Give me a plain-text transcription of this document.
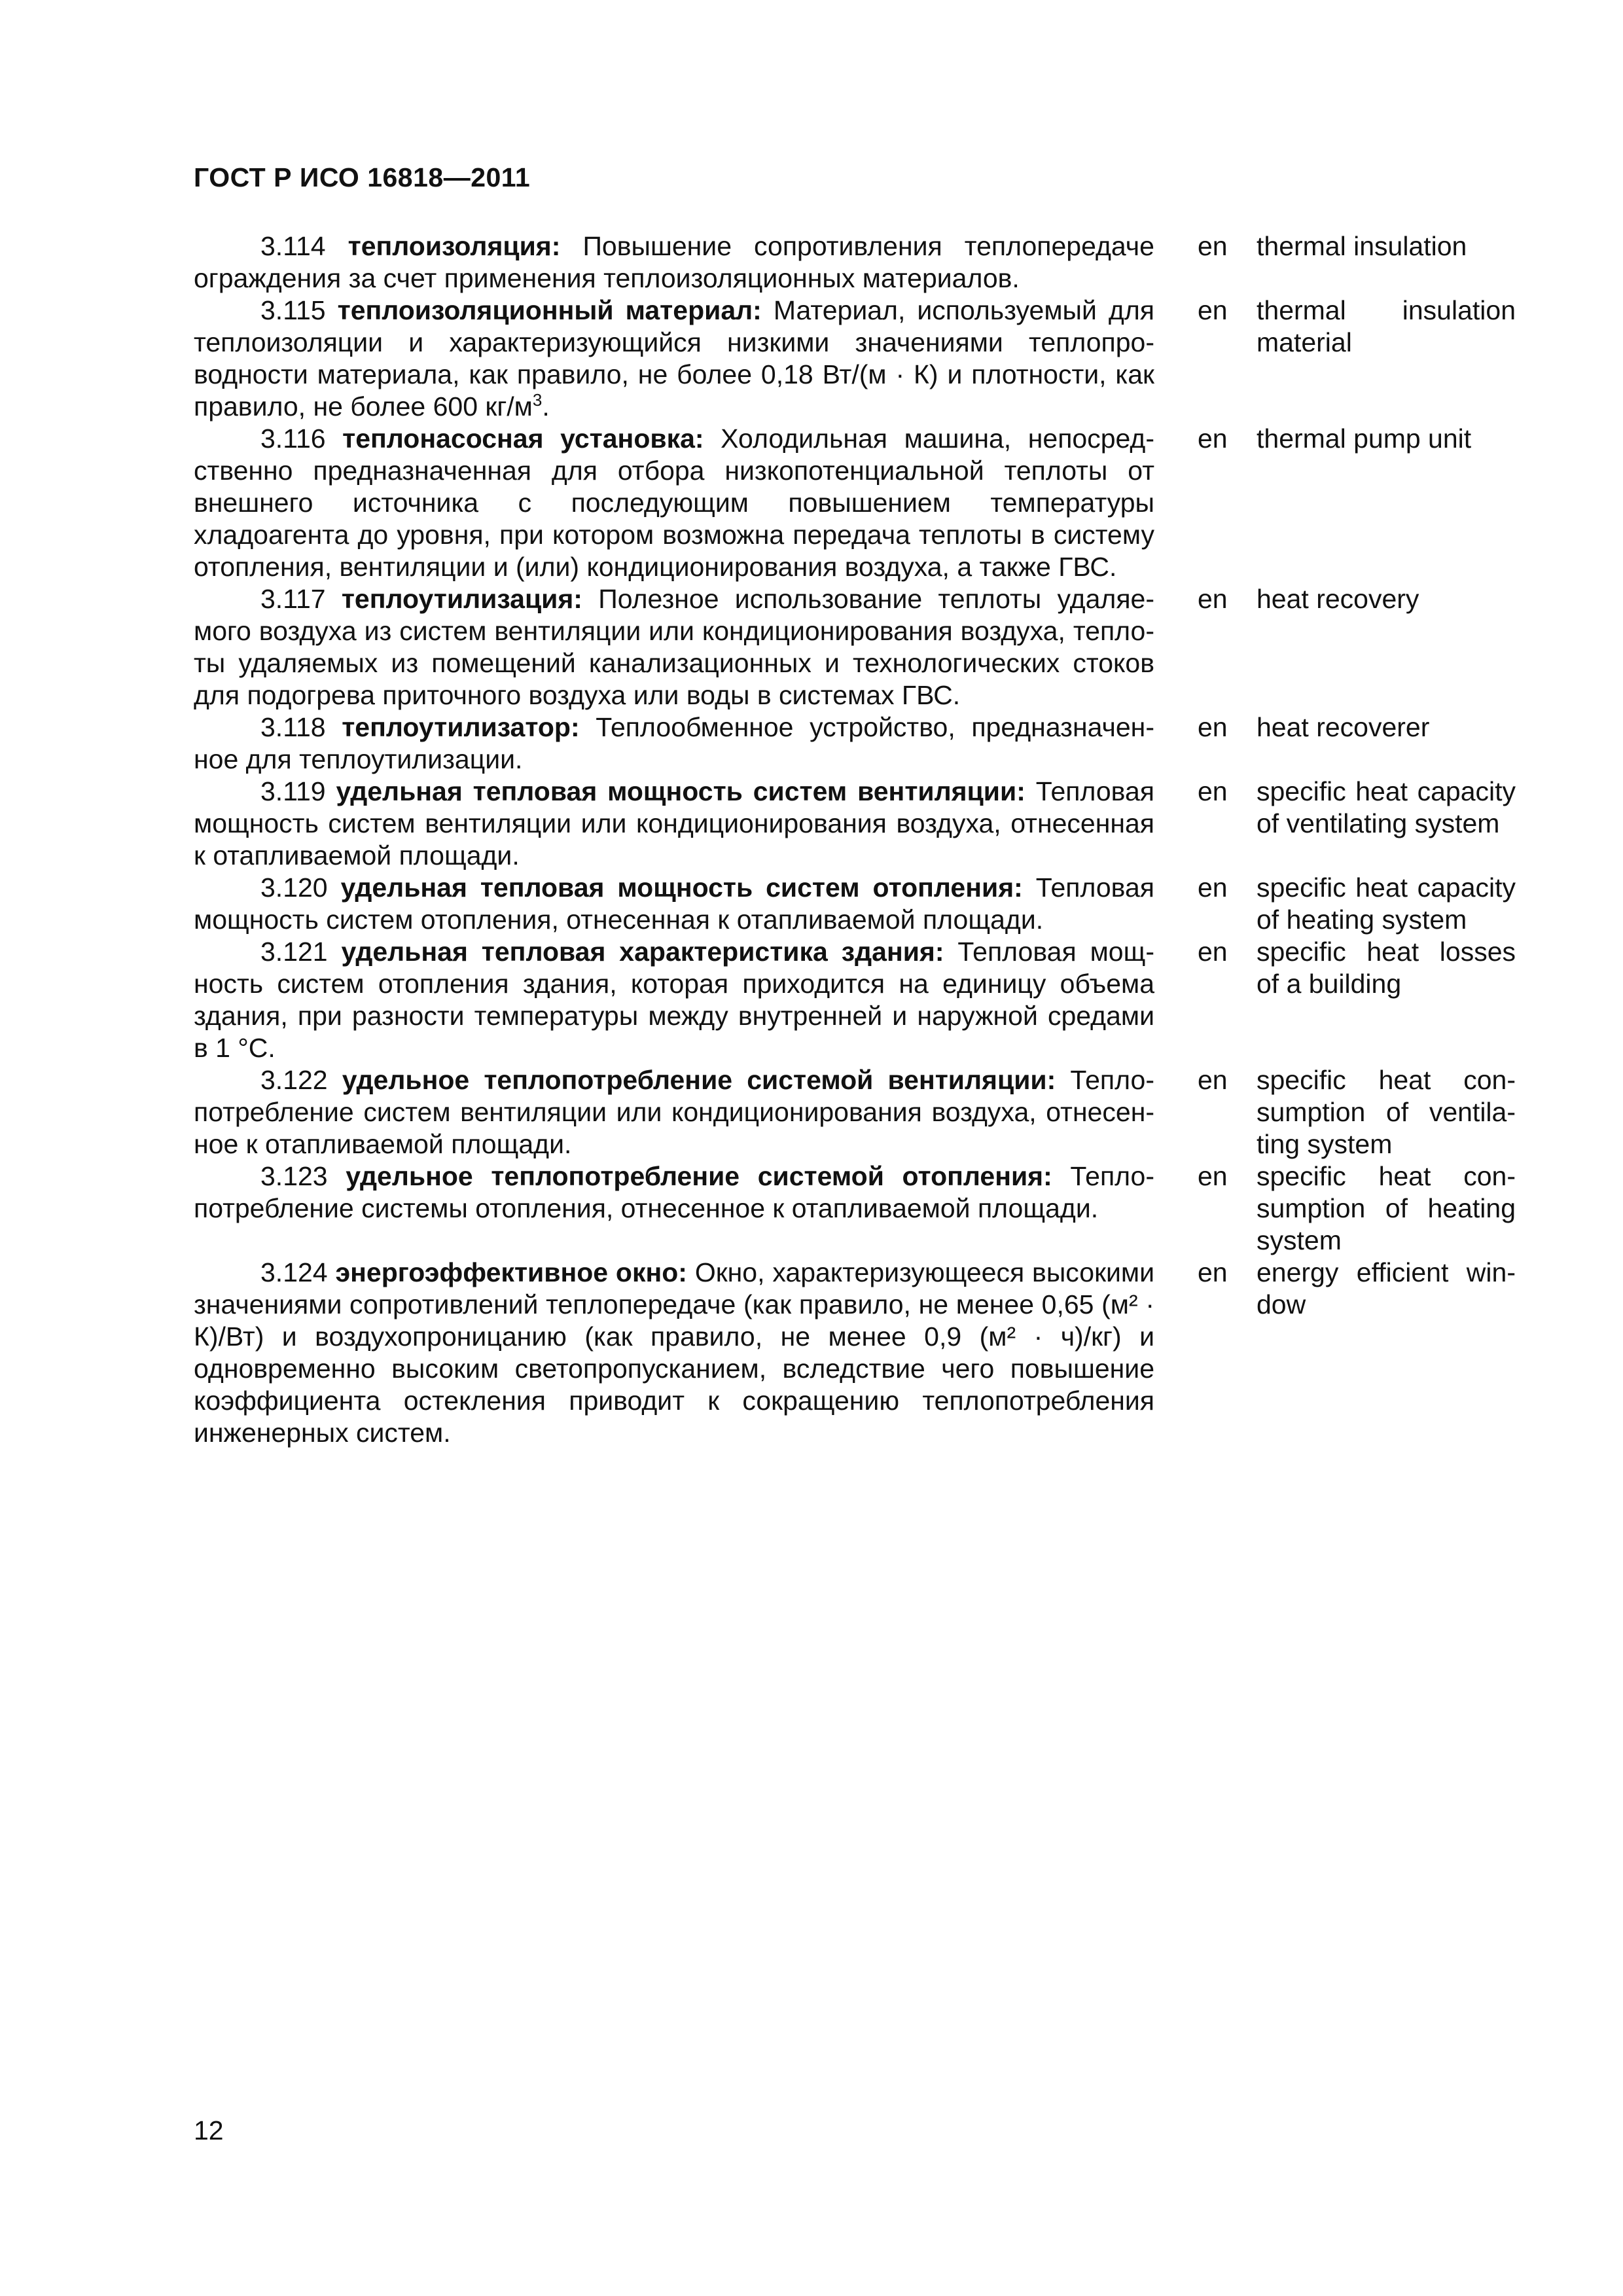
ГОСТ Р ИСО 16818—2011

3.114 теплоизоляция: Повышение сопротивления теплопередаче ограждения за счет применения теплоизоляционных материалов.

en thermal insulation

3.115 теплоизоляционный материал: Материал, используемый для теплоизоляции и характеризующийся низкими значениями теплопроводности материала, как правило, не более 0,18 Вт/(м · К) и плотности, как правило, не более 600 $кг/м^3$.

en thermal insulation material

3.116 теплонасосная установка: Холодильная машина, непосредственно предназначенная для отбора низкопотенциальной теплоты от внешнего источника с последующим повышением температуры хладоагента до уровня, при котором возможна передача теплоты в систему отопления, вентиляции и (или) кондиционирования воздуха, а также ГВС.

en thermal pump unit

3.117 теплоутилизация: Полезное использование теплоты удаляемого воздуха из систем вентиляции или кондиционирования воздуха, теплоты удаляемых из помещений канализационных и технологических стоков для подогрева приточного воздуха или воды в системах ГВС.

en heat recovery

3.118 теплоутилизатор: Теплообменное устройство, предназначенное для теплоутилизации.

en heat recoverer

3.119 удельная тепловая мощность систем вентиляции: Тепловая мощность систем вентиляции или кондиционирования воздуха, отнесенная к отапливаемой площади.

en specific heat capacity of ventilating system

3.120 удельная тепловая мощность систем отопления: Тепловая мощность систем отопления, отнесенная к отапливаемой площади.

en specific heat capacity of heating system

3.121 удельная тепловая характеристика здания: Тепловая мощность систем отопления здания, которая приходится на единицу объема здания, при разности температуры между внутренней и наружной средами в 1 °С.

en specific heat losses of a building

3.122 удельное теплопотребление системой вентиляции: Теплопотребление систем вентиляции или кондиционирования воздуха, отнесенное к отапливаемой площади.

en specific heat consumption of ventilating system

3.123 удельное теплопотребление системой отопления: Теплопотребление системы отопления, отнесенное к отапливаемой площади.

en specific heat consumption of heating system

3.124 энергоэффективное окно: Окно, характеризующееся высокими значениями сопротивлений теплопередаче (как правило, не менее 0,65 (м² · К)/Вт) и воздухопроницанию (как правило, не менее 0,9 (м² · ч)/кг) и одновременно высоким светопропусканием, вследствие чего повышение коэффициента остекления приводит к сокращению теплопотребления инженерных систем.

en energy efficient window

12
